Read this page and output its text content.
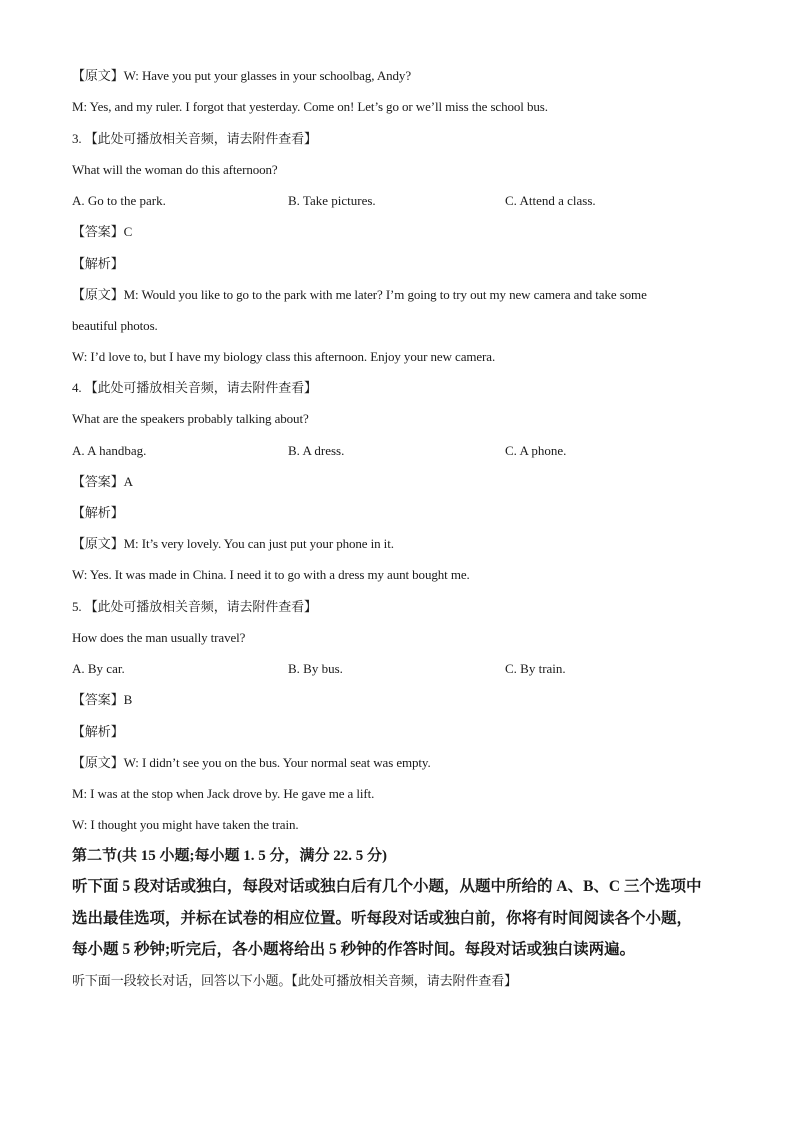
【原文】W: Have you put your glasses in your schoolbag, Andy?
M: Yes, and my ruler. I forgot that yesterday. Come on! Let’s go or we’ll miss the school bus.
3. 【此处可播放相关音频，请去附件查看】
What will the woman do this afternoon?
A. Go to the park.	B. Take pictures.	C. Attend a class.
【答案】C
【解析】
【原文】M: Would you like to go to the park with me later? I’m going to try out my new camera and take some
beautiful photos.
W: I’d love to, but I have my biology class this afternoon. Enjoy your new camera.
4. 【此处可播放相关音频，请去附件查看】
What are the speakers probably talking about?
A. A handbag.	B. A dress.	C. A phone.
【答案】A
【解析】
【原文】M: It’s very lovely. You can just put your phone in it.
W: Yes. It was made in China. I need it to go with a dress my aunt bought me.
5. 【此处可播放相关音频，请去附件查看】
How does the man usually travel?
A. By car.	B. By bus.	C. By train.
【答案】B
【解析】
【原文】W: I didn’t see you on the bus. Your normal seat was empty.
M: I was at the stop when Jack drove by. He gave me a lift.
W: I thought you might have taken the train.
第二节(共 15 小题;每小题 1. 5 分，满分 22. 5 分)
听下面 5 段对话或独白，每段对话或独白后有几个小题，从题中所给的 A、B、C 三个选项中
选出最佳选项，并标在试卷的相应位置。听每段对话或独白前，你将有时间阅读各个小题，
每小题 5 秒钟;听完后，各小题将给出 5 秒钟的作答时间。每段对话或独白读两遍。
听下面一段较长对话，回答以下小题。【此处可播放相关音频，请去附件查看】
